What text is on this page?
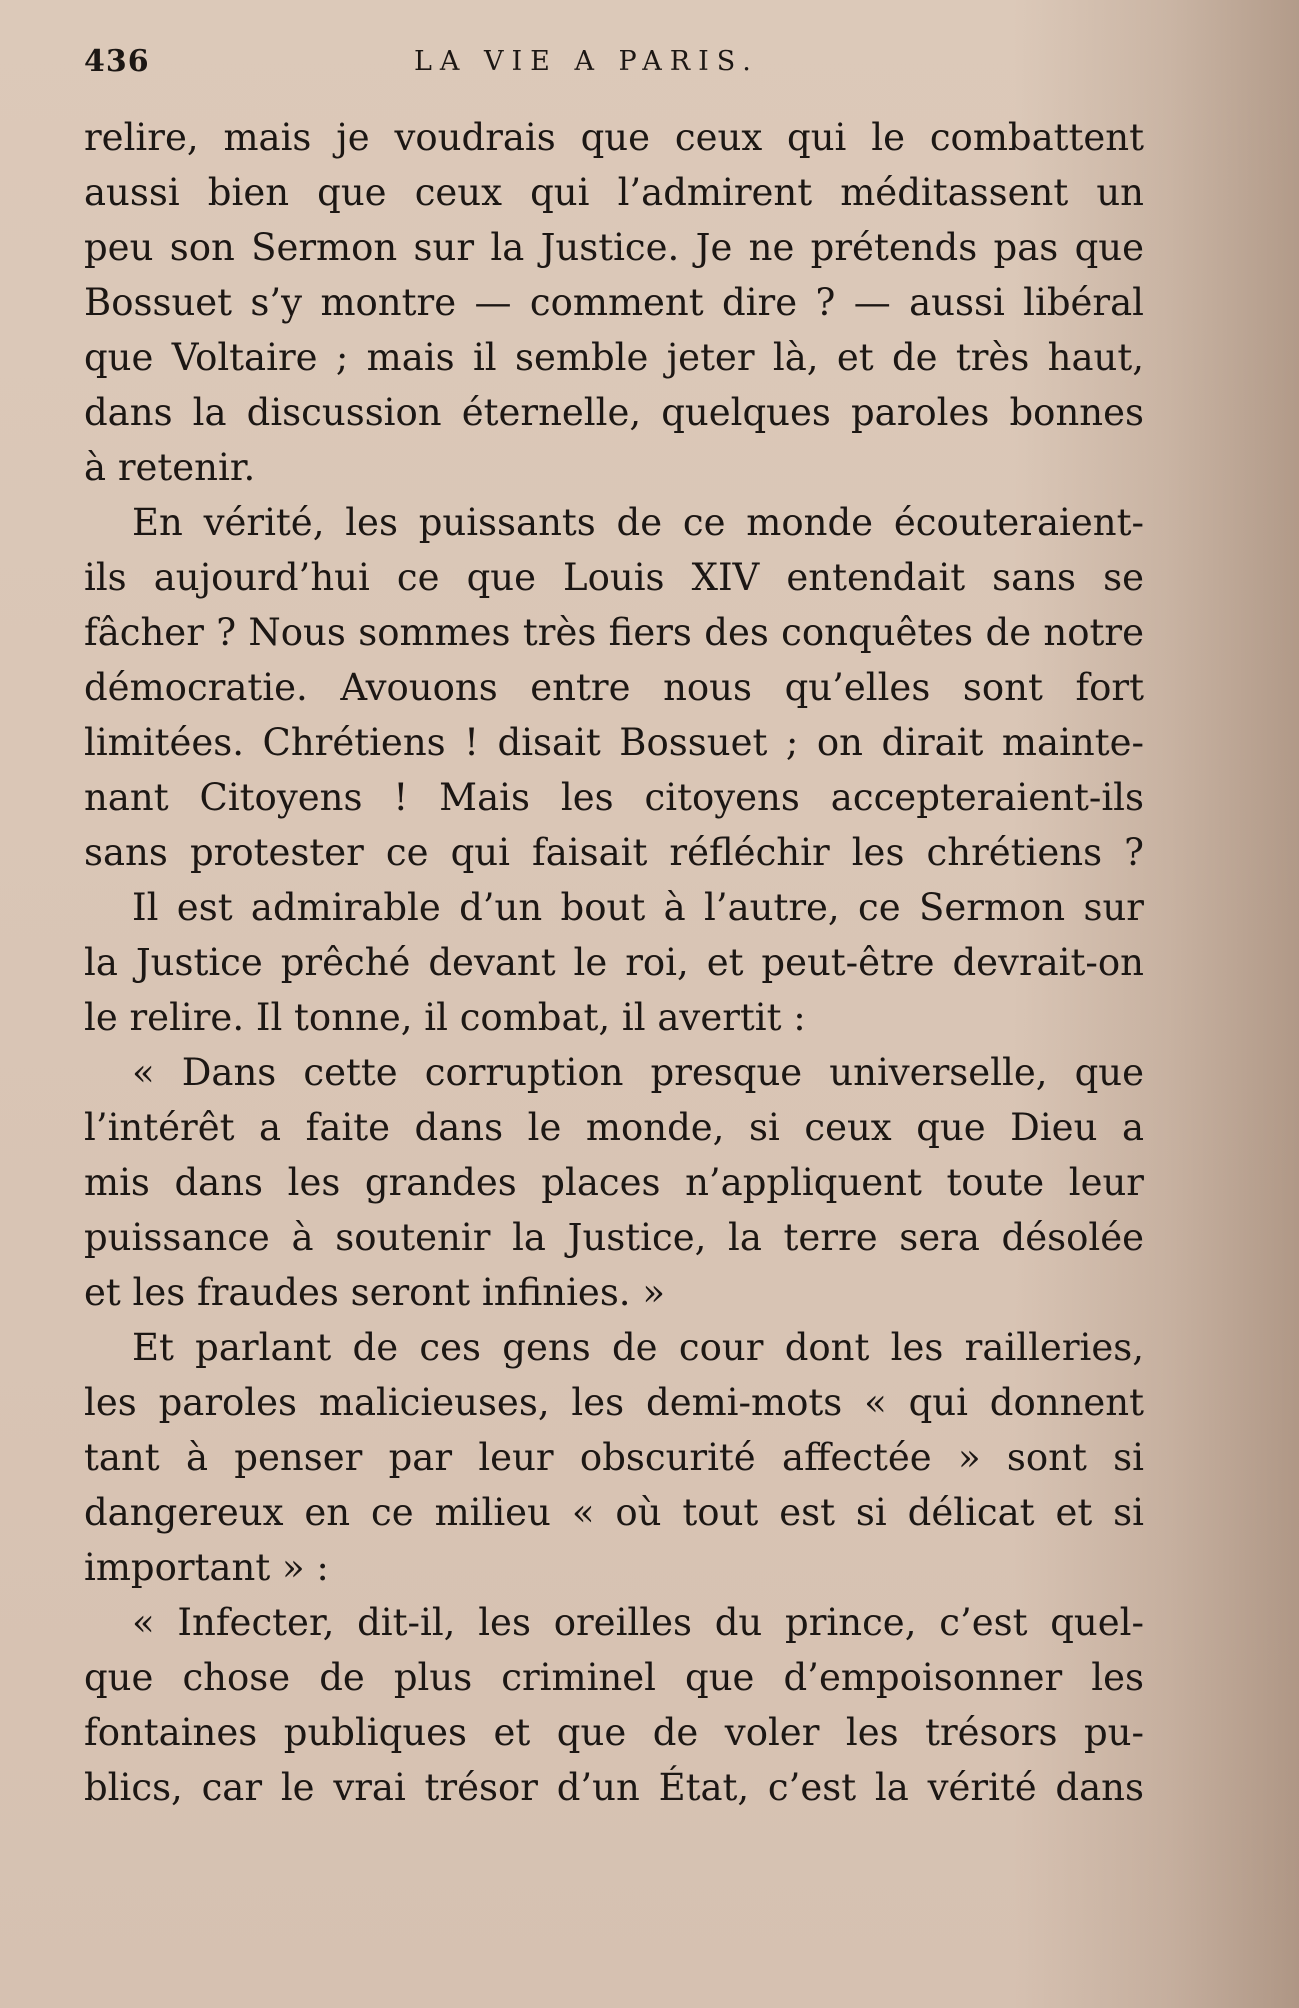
436	LA VIE A PARIS.
relire, mais je voudrais que ceux qui le combattent
aussi bien que ceux qui l’admirent méditassent un
peu son Sermon sur la Justice. Je ne prétends pas que
Bossuet s’y montre — comment dire ? — aussi libéral
que Voltaire ; mais il semble jeter là, et de très haut,
dans la discussion éternelle, quelques paroles bonnes
à retenir.
En vérité, les puissants de ce monde écouteraient-
ils aujourd’hui ce que Louis XIV entendait sans se
fâcher ? Nous sommes très fiers des conquêtes de notre
démocratie. Avouons entre nous qu’elles sont fort
limitées. Chrétiens ! disait Bossuet ; on dirait mainte-
nant Citoyens ! Mais les citoyens accepteraient-ils
sans protester ce qui faisait réfléchir les chrétiens ?
Il est admirable d’un bout à l’autre, ce Sermon sur
la Justice prêché devant le roi, et peut-être devrait-on
le relire. Il tonne, il combat, il avertit :
« Dans cette corruption presque universelle, que
l’intérêt a faite dans le monde, si ceux que Dieu a
mis dans les grandes places n’appliquent toute leur
puissance à soutenir la Justice, la terre sera désolée
et les fraudes seront infinies. »
Et parlant de ces gens de cour dont les railleries,
les paroles malicieuses, les demi-mots « qui donnent
tant à penser par leur obscurité affectée » sont si
dangereux en ce milieu « où tout est si délicat et si
important » :
« Infecter, dit-il, les oreilles du prince, c’est quel-
que chose de plus criminel que d’empoisonner les
fontaines publiques et que de voler les trésors pu-
blics, car le vrai trésor d’un État, c’est la vérité dans
